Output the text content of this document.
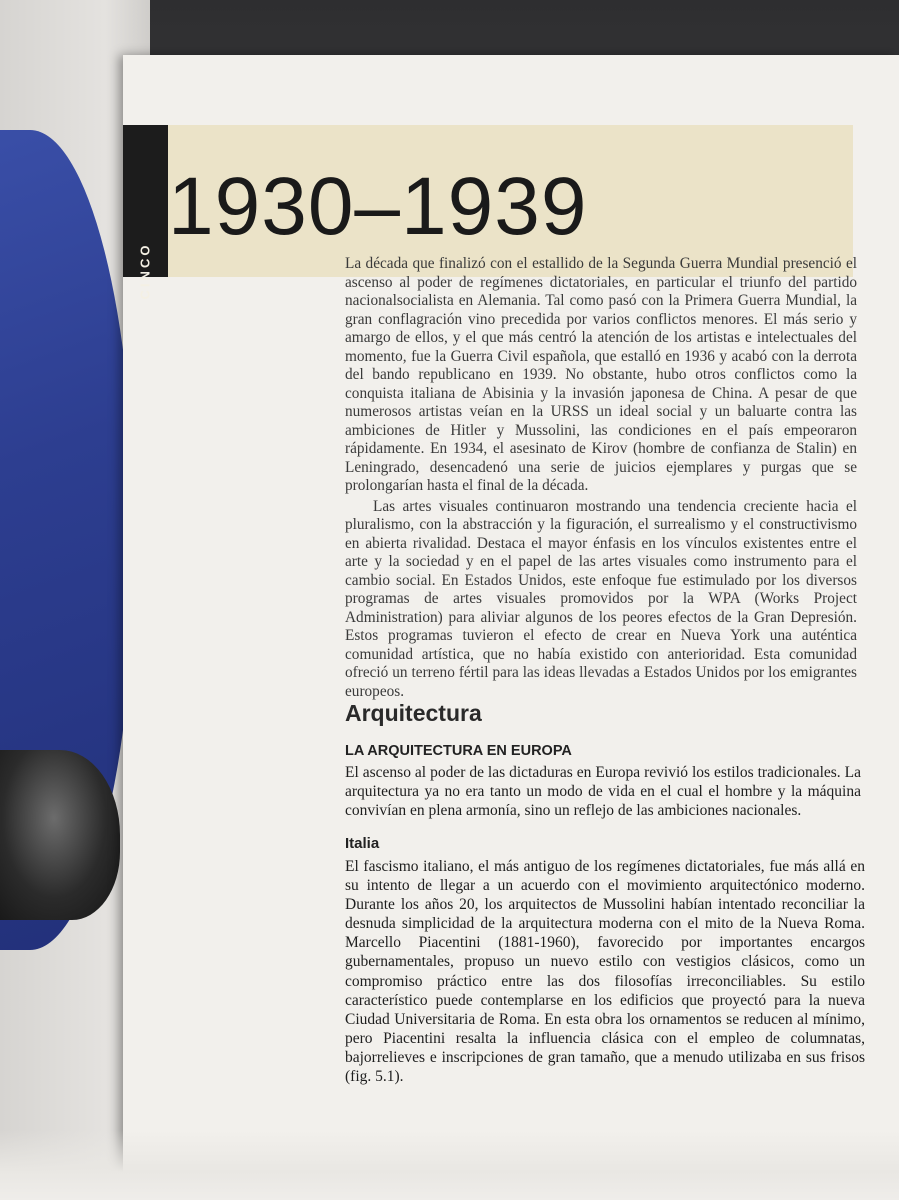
CINCO
1930–1939

La década que finalizó con el estallido de la Segunda Guerra Mundial presenció el ascenso al poder de regímenes dictatoriales, en particular el triunfo del partido nacionalsocialista en Alemania. Tal como pasó con la Primera Guerra Mundial, la gran conflagración vino precedida por varios conflictos menores. El más serio y amargo de ellos, y el que más centró la atención de los artistas e intelectuales del momento, fue la Guerra Civil española, que estalló en 1936 y acabó con la derrota del bando republicano en 1939. No obstante, hubo otros conflictos como la conquista italiana de Abisinia y la invasión japonesa de China. A pesar de que numerosos artistas veían en la URSS un ideal social y un baluarte contra las ambiciones de Hitler y Mussolini, las condiciones en el país empeoraron rápidamente. En 1934, el asesinato de Kirov (hombre de confianza de Stalin) en Leningrado, desencadenó una serie de juicios ejemplares y purgas que se prolongarían hasta el final de la década.

Las artes visuales continuaron mostrando una tendencia creciente hacia el pluralismo, con la abstracción y la figuración, el surrealismo y el constructivismo en abierta rivalidad. Destaca el mayor énfasis en los vínculos existentes entre el arte y la sociedad y en el papel de las artes visuales como instrumento para el cambio social. En Estados Unidos, este enfoque fue estimulado por los diversos programas de artes visuales promovidos por la WPA (Works Project Administration) para aliviar algunos de los peores efectos de la Gran Depresión. Estos programas tuvieron el efecto de crear en Nueva York una auténtica comunidad artística, que no había existido con anterioridad. Esta comunidad ofreció un terreno fértil para las ideas llevadas a Estados Unidos por los emigrantes europeos.

Arquitectura
LA ARQUITECTURA EN EUROPA

El ascenso al poder de las dictaduras en Europa revivió los estilos tradicionales. La arquitectura ya no era tanto un modo de vida en el cual el hombre y la máquina convivían en plena armonía, sino un reflejo de las ambiciones nacionales.

Italia

El fascismo italiano, el más antiguo de los regímenes dictatoriales, fue más allá en su intento de llegar a un acuerdo con el movimiento arquitectónico moderno. Durante los años 20, los arquitectos de Mussolini habían intentado reconciliar la desnuda simplicidad de la arquitectura moderna con el mito de la Nueva Roma. Marcello Piacentini (1881-1960), favorecido por importantes encargos gubernamentales, propuso un nuevo estilo con vestigios clásicos, como un compromiso práctico entre las dos filosofías irreconciliables. Su estilo característico puede contemplarse en los edificios que proyectó para la nueva Ciudad Universitaria de Roma. En esta obra los ornamentos se reducen al mínimo, pero Piacentini resalta la influencia clásica con el empleo de columnatas, bajorrelieves e inscripciones de gran tamaño, que a menudo utilizaba en sus frisos (fig. 5.1).
